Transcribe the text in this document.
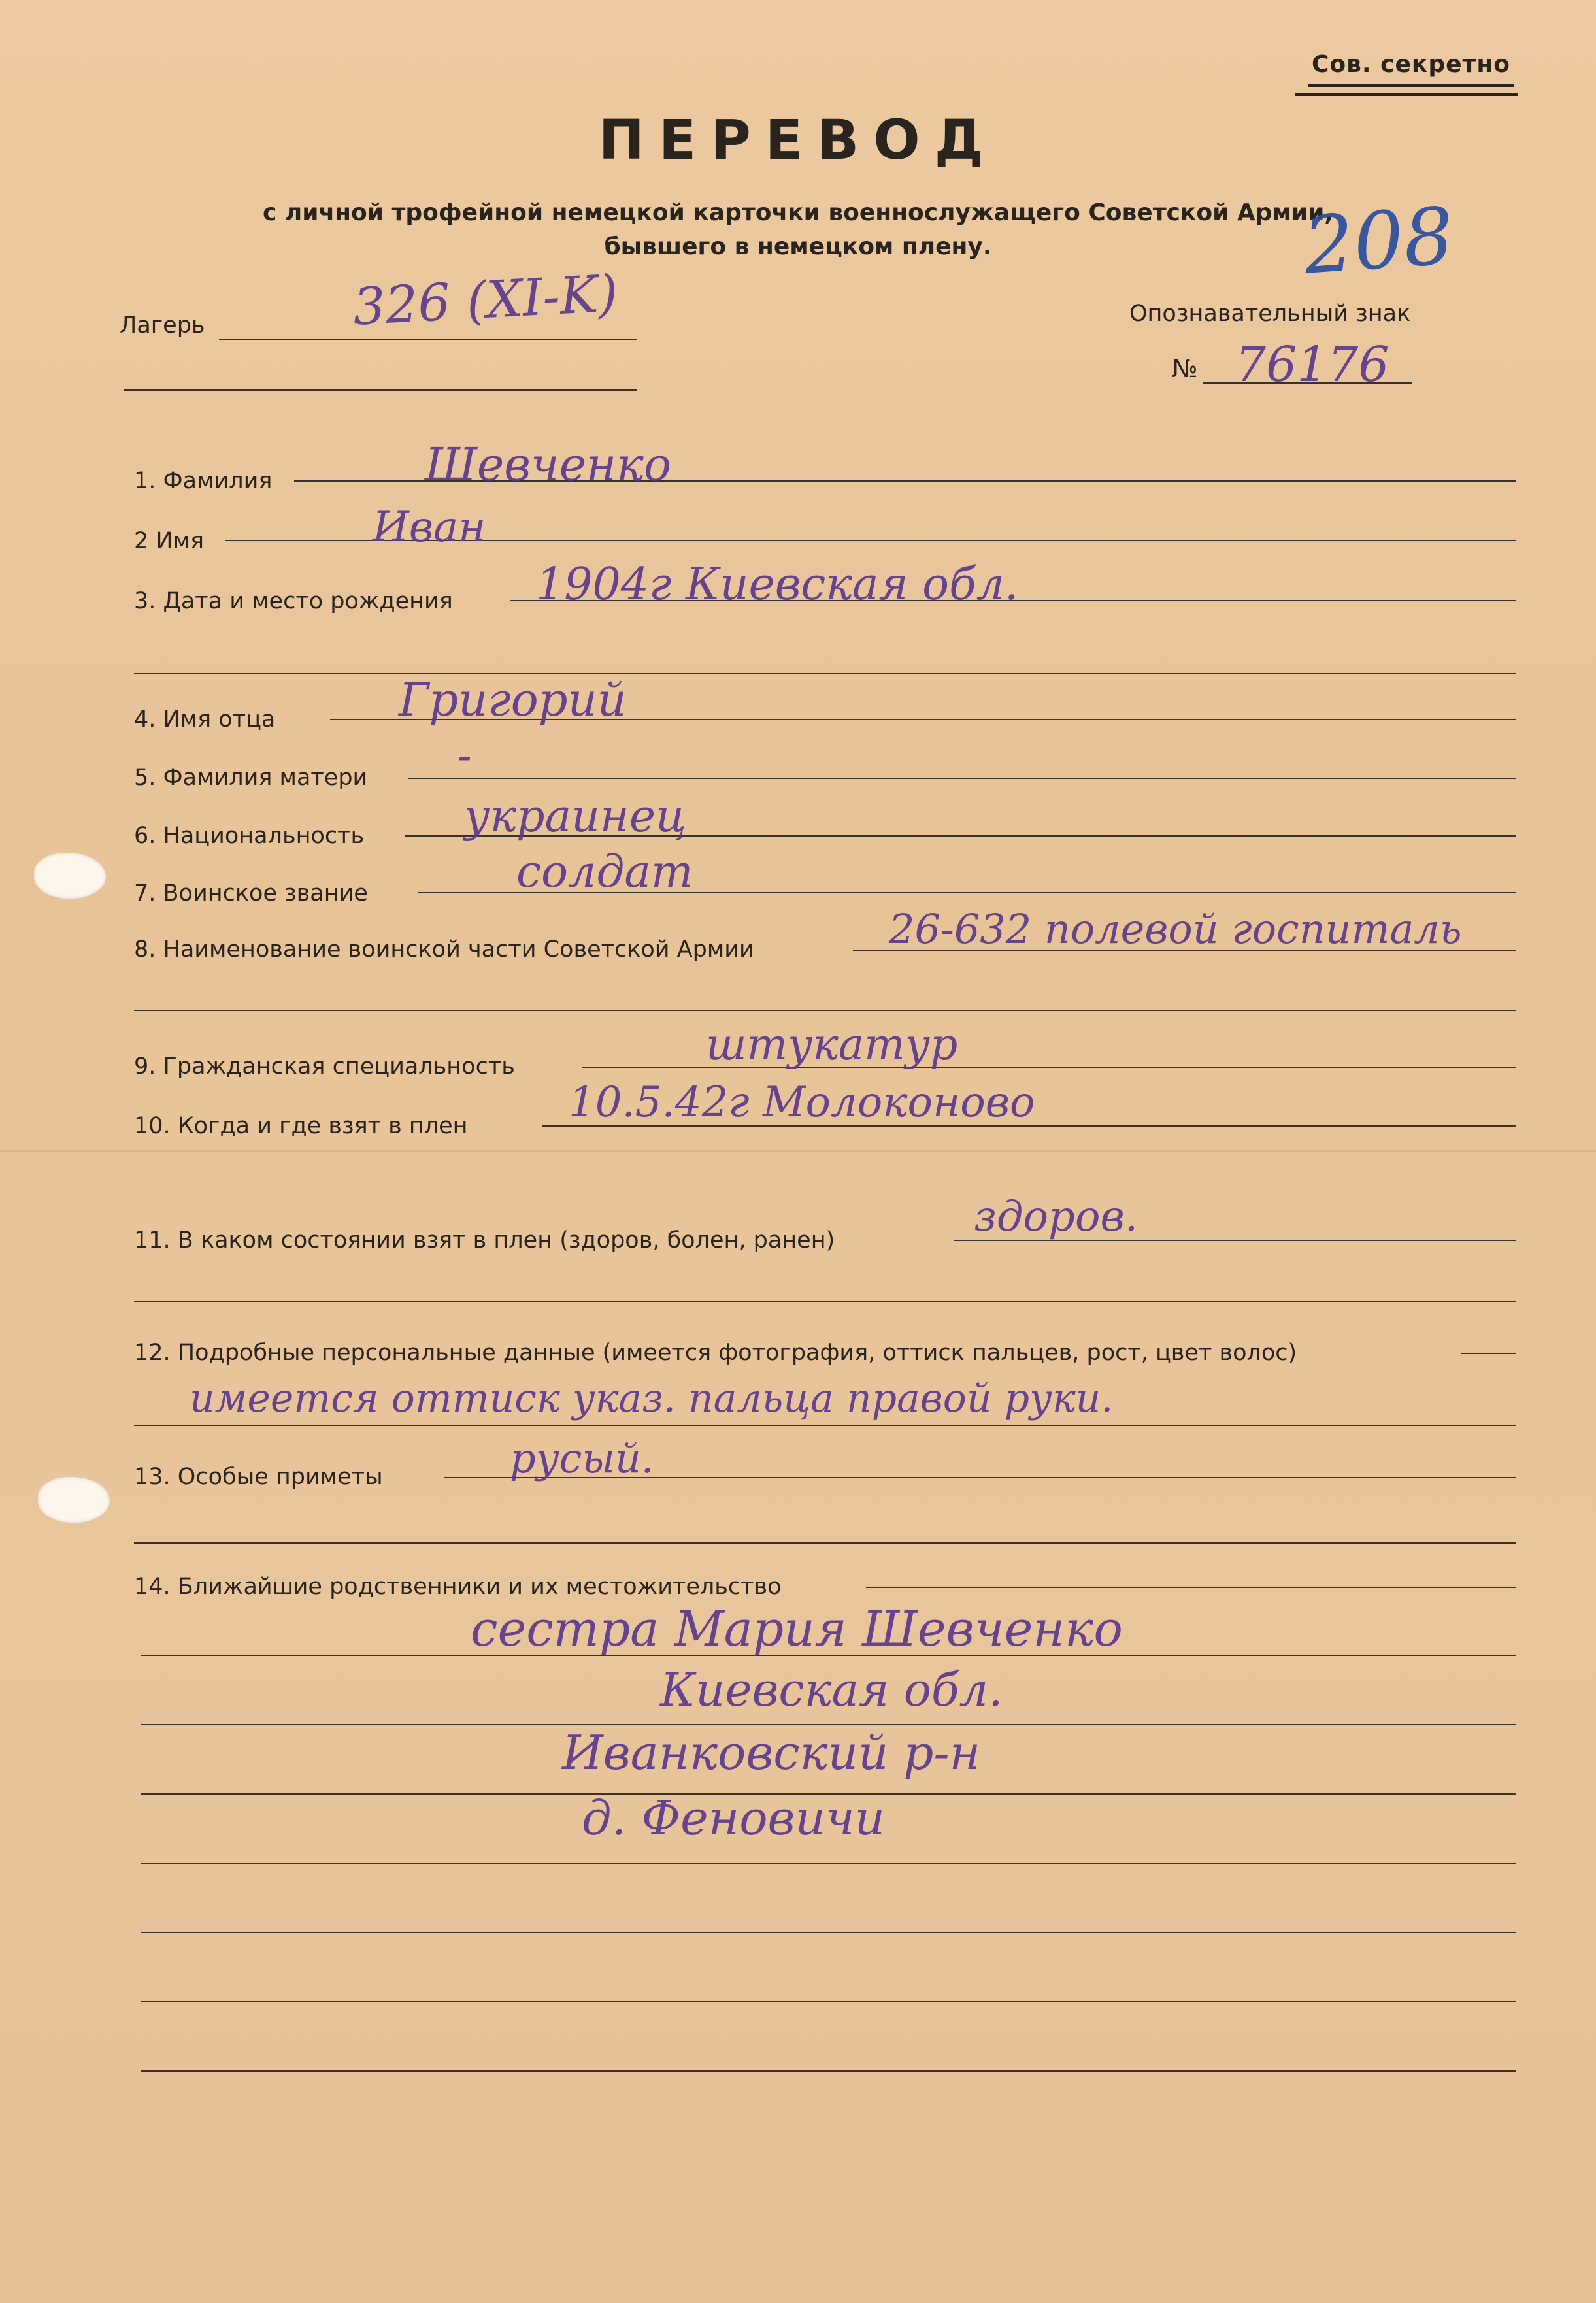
Сов. секретно
ПЕРЕВОД
с личной трофейной немецкой карточки военнослужащего Советской Армии,
бывшего в немецком плену.	208
Лагерь	326 (XI-K)	Опознавательный знак
№ 76176
1. Фамилия	Шевченко
2 Имя	Иван
3. Дата и место рождения 1904г Киевская обл.
4. Имя отца	Григорий
5. Фамилия матери -
6. Национальность украинец
7. Воинское звание	солдат
8. Наименование воинской части Советской Армии	26-632 полевой госпиталь
9. Гражданская специальность	штукатур
10. Когда и где взят в плен 10.5.42г Молоконово
11. В каком состоянии взят в плен (здоров, болен, ранен)	здоров.
12. Подробные персональные данные (имеется фотография, оттиск пальцев, рост, цвет волос)
имеется оттиск указ. пальца правой руки.
13. Особые приметы	русый.
14. Ближайшие родственники и их местожительство
сестра Мария Шевченко
Киевская обл.
Иванковский р-н
д. Феновичи
